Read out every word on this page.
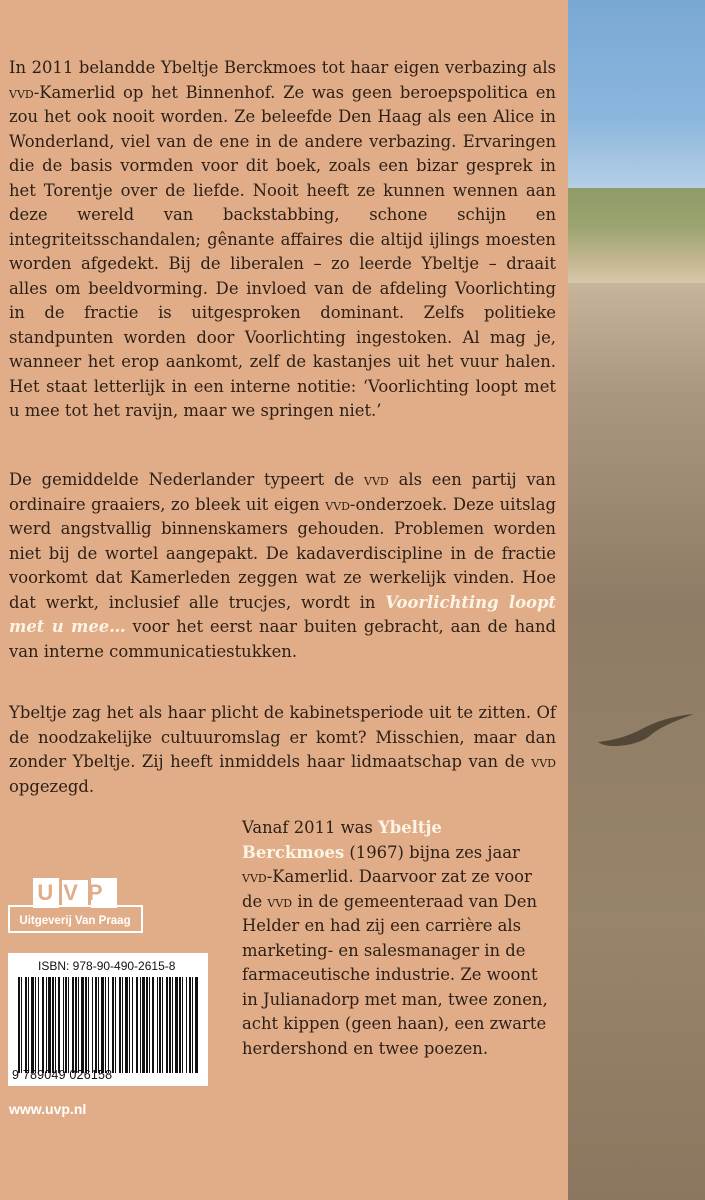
In 2011 belandde Ybeltje Berckmoes tot haar eigen verbazing als vvd-Kamerlid op het Binnenhof. Ze was geen beroepspolitica en zou het ook nooit worden. Ze beleefde Den Haag als een Alice in Wonderland, viel van de ene in de andere verbazing. Ervaringen die de basis vormden voor dit boek, zoals een bizar gesprek in het Torentje over de liefde. Nooit heeft ze kunnen wennen aan deze wereld van backstabbing, schone schijn en integriteitsschandalen; gênante affaires die altijd ijlings moesten worden afgedekt. Bij de liberalen – zo leerde Ybeltje – draait alles om beeldvorming. De invloed van de afdeling Voorlichting in de fractie is uitgesproken dominant. Zelfs politieke standpunten worden door Voorlichting ingestoken. Al mag je, wanneer het erop aankomt, zelf de kastanjes uit het vuur halen. Het staat letterlijk in een interne notitie: ‘Voorlichting loopt met u mee tot het ravijn, maar we springen niet.’

De gemiddelde Nederlander typeert de vvd als een partij van ordinaire graaiers, zo bleek uit eigen vvd-onderzoek. Deze uitslag werd angstvallig binnenskamers gehouden. Problemen worden niet bij de wortel aangepakt. De kadaverdiscipline in de fractie voorkomt dat Kamerleden zeggen wat ze werkelijk vinden. Hoe dat werkt, inclusief alle trucjes, wordt in Voorlichting loopt met u mee… voor het eerst naar buiten gebracht, aan de hand van interne communicatiestukken.

Ybeltje zag het als haar plicht de kabinetsperiode uit te zitten. Of de noodzakelijke cultuuromslag er komt? Misschien, maar dan zonder Ybeltje. Zij heeft inmiddels haar lidmaatschap van de vvd opgezegd.

Vanaf 2011 was Ybeltje Berckmoes (1967) bijna zes jaar vvd-Kamerlid. Daarvoor zat ze voor de vvd in de gemeenteraad van Den Helder en had zij een carrière als marketing- en salesmanager in de farmaceutische industrie. Ze woont in Julianadorp met man, twee zonen, acht kippen (geen haan), een zwarte herdershond en twee poezen.

UVP
Uitgeverij Van Praag
ISBN: 978-90-490-2615-8
9 789049 026158
www.uvp.nl
